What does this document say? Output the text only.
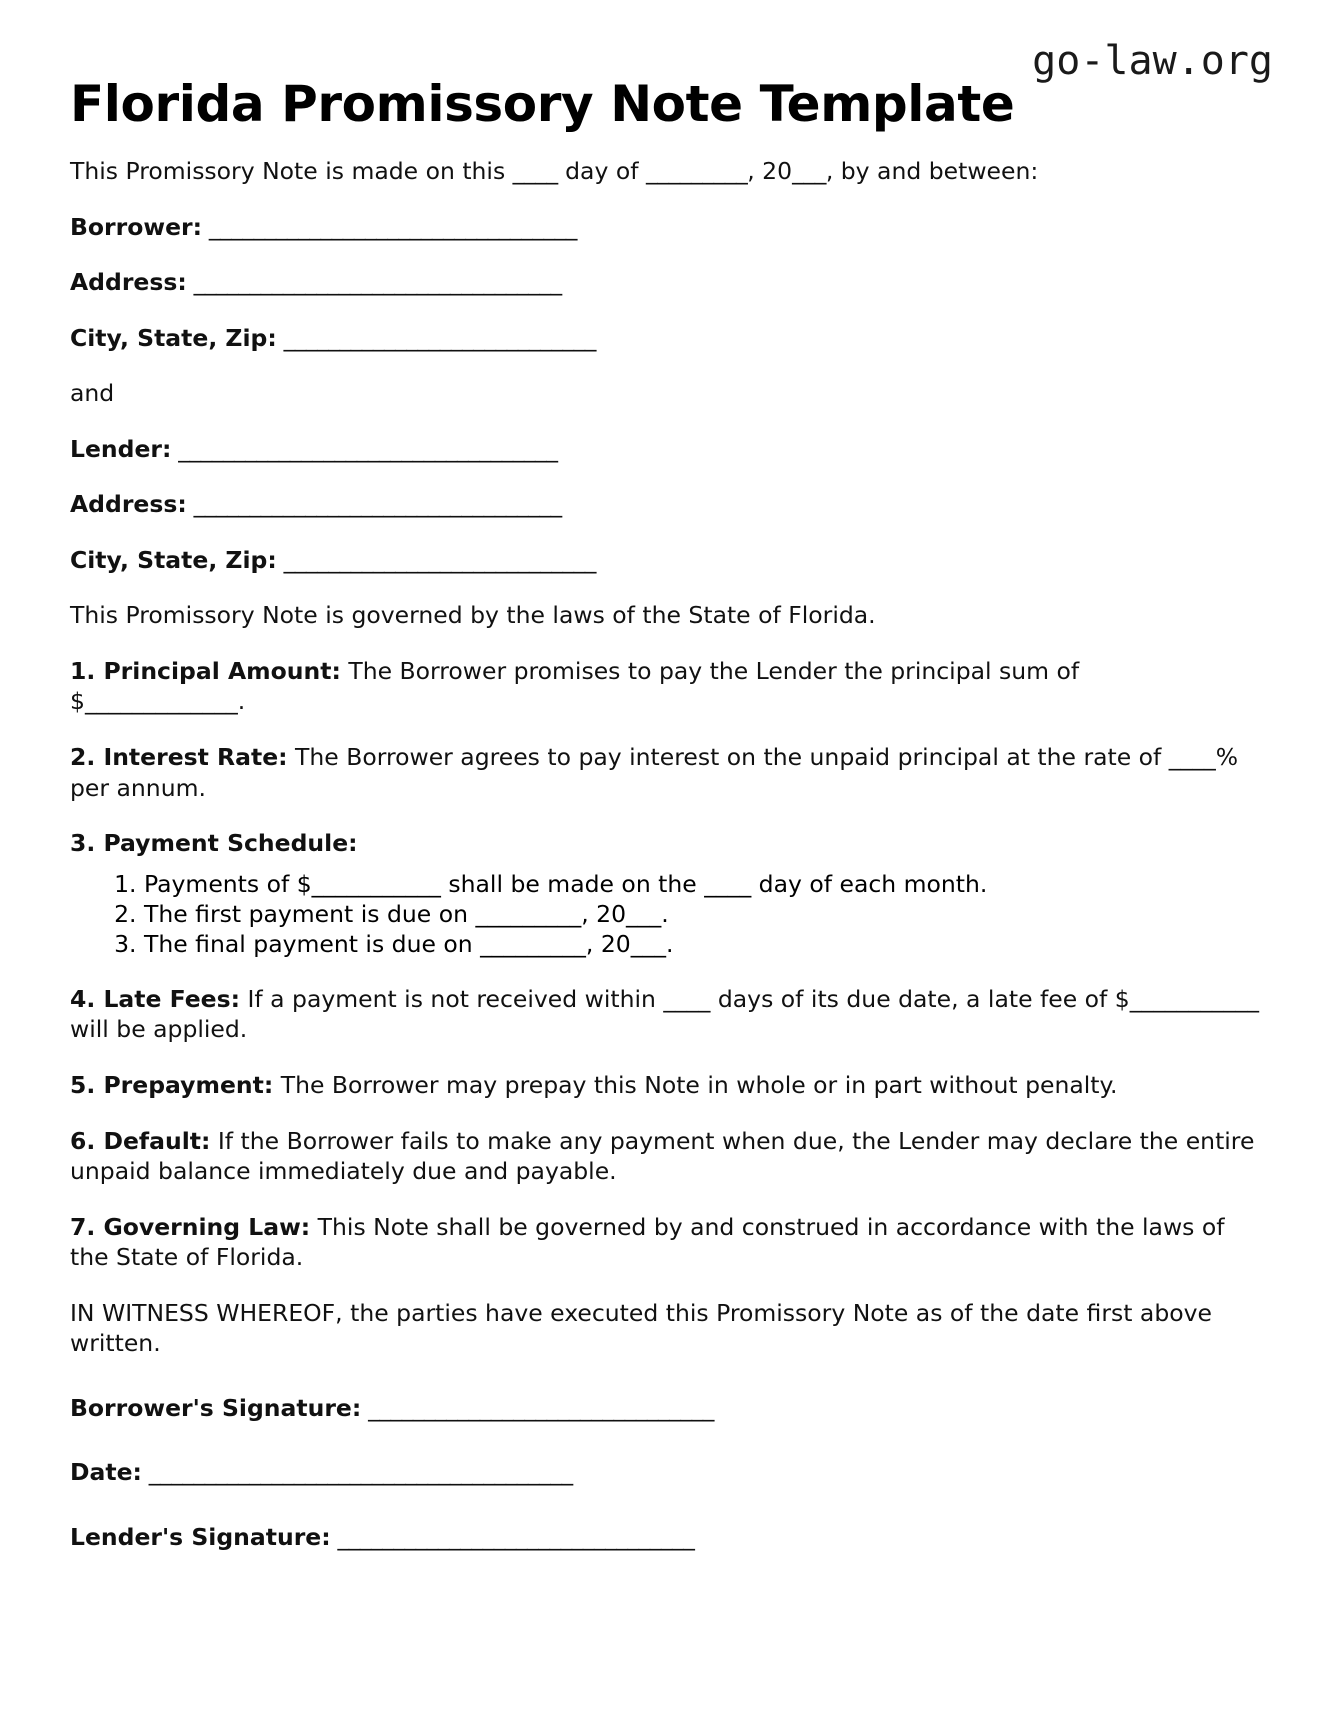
go-law.org
Florida Promissory Note Template

This Promissory Note is made on this ____ day of _________, 20___, by and between:

Borrower: _________________________________

Address: _________________________________

City, State, Zip: ____________________________

and

Lender: __________________________________

Address: _________________________________

City, State, Zip: ____________________________

This Promissory Note is governed by the laws of the State of Florida.

1. Principal Amount: The Borrower promises to pay the Lender the principal sum of $_____________.

2. Interest Rate: The Borrower agrees to pay interest on the unpaid principal at the rate of ____% per annum.

3. Payment Schedule:

1. Payments of $___________ shall be made on the ____ day of each month.
2. The first payment is due on _________, 20___.
3. The final payment is due on _________, 20___.

4. Late Fees: If a payment is not received within ____ days of its due date, a late fee of $___________ will be applied.

5. Prepayment: The Borrower may prepay this Note in whole or in part without penalty.

6. Default: If the Borrower fails to make any payment when due, the Lender may declare the entire unpaid balance immediately due and payable.

7. Governing Law: This Note shall be governed by and construed in accordance with the laws of the State of Florida.

IN WITNESS WHEREOF, the parties have executed this Promissory Note as of the date first above written.

Borrower's Signature: _______________________________

Date: ______________________________________

Lender's Signature: ________________________________
